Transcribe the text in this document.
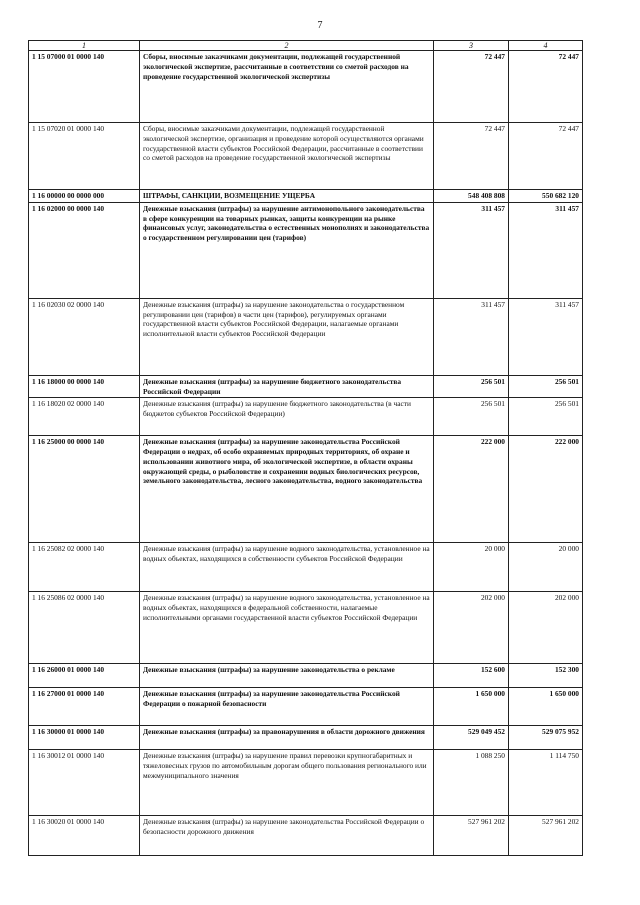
7
1	2	3	4
1 15 07000 01 0000 140	Сборы, вносимые заказчиками документации, подлежащей государственной экологической экспертизе, рассчитанные в соответствии со сметой расходов на проведение государственной экологической экспертизы	72 447	72 447
1 15 07020 01 0000 140	Сборы, вносимые заказчиками документации, подлежащей государственной экологической экспертизе, организация и проведение которой осуществляются органами государственной власти субъектов Российской Федерации, рассчитанные в соответствии со сметой расходов на проведение государственной экологической экспертизы	72 447	72 447
1 16 00000 00 0000 000	ШТРАФЫ, САНКЦИИ, ВОЗМЕЩЕНИЕ УЩЕРБА	548 408 808	550 682 120
1 16 02000 00 0000 140	Денежные взыскания (штрафы) за нарушение антимонопольного законодательства в сфере конкуренции на товарных рынках, защиты конкуренции на рынке финансовых услуг, законодательства о естественных монополиях и законодательства о государственном регулировании цен (тарифов)	311 457	311 457
1 16 02030 02 0000 140	Денежные взыскания (штрафы) за нарушение законодательства о государственном регулировании цен (тарифов) в части цен (тарифов), регулируемых органами государственной власти субъектов Российской Федерации, налагаемые органами исполнительной власти субъектов Российской Федерации	311 457	311 457
1 16 18000 00 0000 140	Денежные взыскания (штрафы) за нарушение бюджетного законодательства Российской Федерации	256 501	256 501
1 16 18020 02 0000 140	Денежные взыскания (штрафы) за нарушение бюджетного законодательства (в части бюджетов субъектов Российской Федерации)	256 501	256 501
1 16 25000 00 0000 140	Денежные взыскания (штрафы) за нарушение законодательства Российской Федерации о недрах, об особо охраняемых природных территориях, об охране и использовании животного мира, об экологической экспертизе, в области охраны окружающей среды, о рыболовстве и сохранении водных биологических ресурсов, земельного законодательства, лесного законодательства, водного законодательства	222 000	222 000
1 16 25082 02 0000 140	Денежные взыскания (штрафы) за нарушение водного законодательства, установленное на водных объектах, находящихся в собственности субъектов Российской Федерации	20 000	20 000
1 16 25086 02 0000 140	Денежные взыскания (штрафы) за нарушение водного законодательства, установленное на водных объектах, находящихся в федеральной собственности, налагаемые исполнительными органами государственной власти субъектов Российской Федерации	202 000	202 000
1 16 26000 01 0000 140	Денежные взыскания (штрафы) за нарушение законодательства о рекламе	152 600	152 300
1 16 27000 01 0000 140	Денежные взыскания (штрафы) за нарушение законодательства Российской Федерации о пожарной безопасности	1 650 000	1 650 000
1 16 30000 01 0000 140	Денежные взыскания (штрафы) за правонарушения в области дорожного движения	529 049 452	529 075 952
1 16 30012 01 0000 140	Денежные взыскания (штрафы) за нарушение правил перевозки крупногабаритных и тяжеловесных грузов по автомобильным дорогам общего пользования регионального или межмуниципального значения	1 088 250	1 114 750
1 16 30020 01 0000 140	Денежные взыскания (штрафы) за нарушение законодательства Российской Федерации о безопасности дорожного движения	527 961 202	527 961 202
